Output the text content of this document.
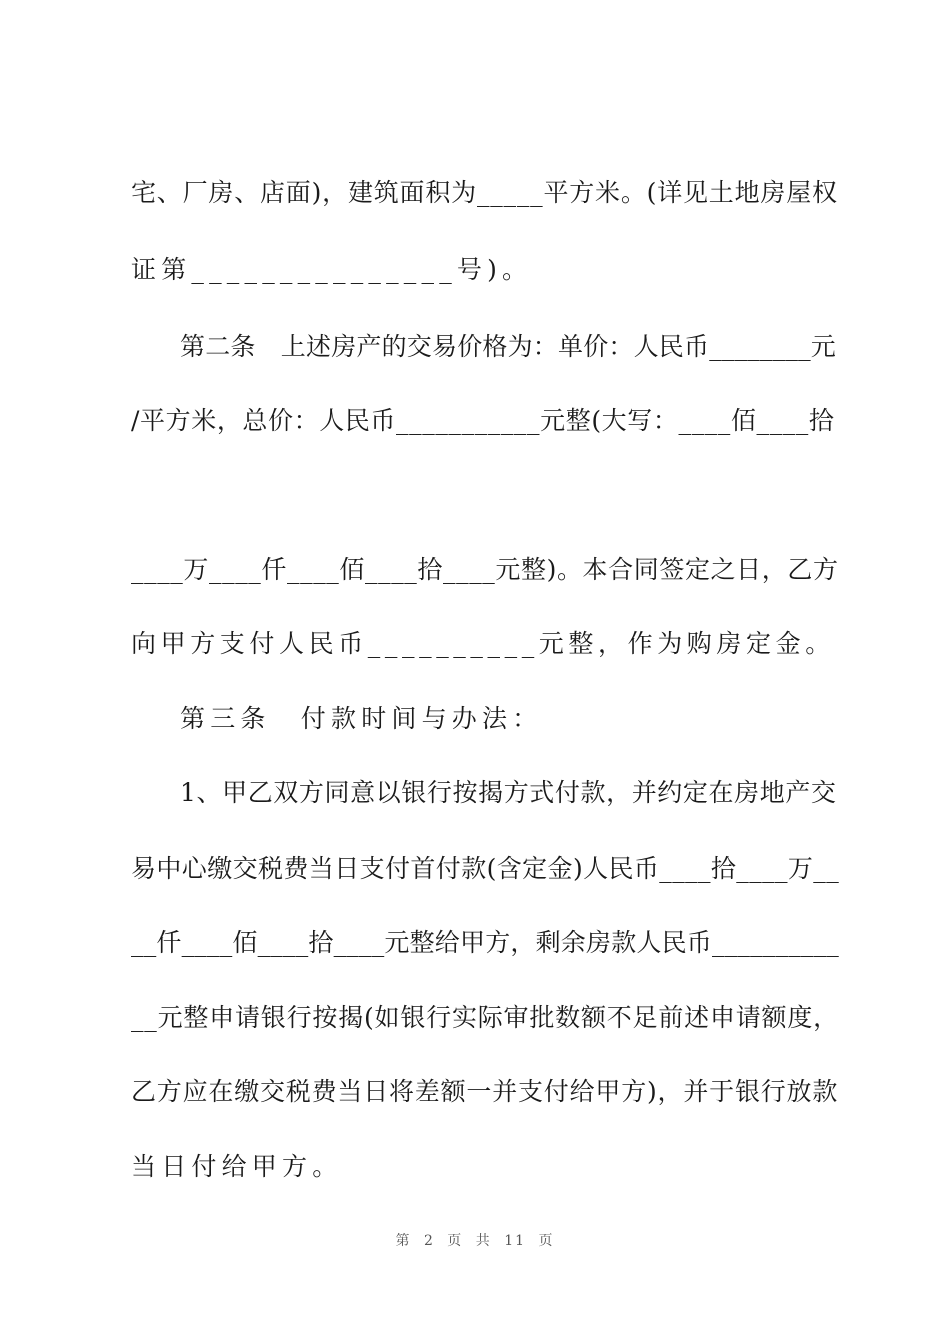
宅、厂房、店面)，建筑面积为_____平方米。(详见土地房屋权
证第_______________号)。
第二条　上述房产的交易价格为：单价：人民币________元
/平方米，总价：人民币___________元整(大写：____佰____拾
____万____仟____佰____拾____元整)。本合同签定之日，乙方
向甲方支付人民币__________元整，作为购房定金。
第三条　付款时间与办法：
1、甲乙双方同意以银行按揭方式付款，并约定在房地产交
易中心缴交税费当日支付首付款(含定金)人民币____拾____万__
__仟____佰____拾____元整给甲方，剩余房款人民币__________
__元整申请银行按揭(如银行实际审批数额不足前述申请额度，
乙方应在缴交税费当日将差额一并支付给甲方)，并于银行放款
当日付给甲方。
第 2 页 共 11 页
